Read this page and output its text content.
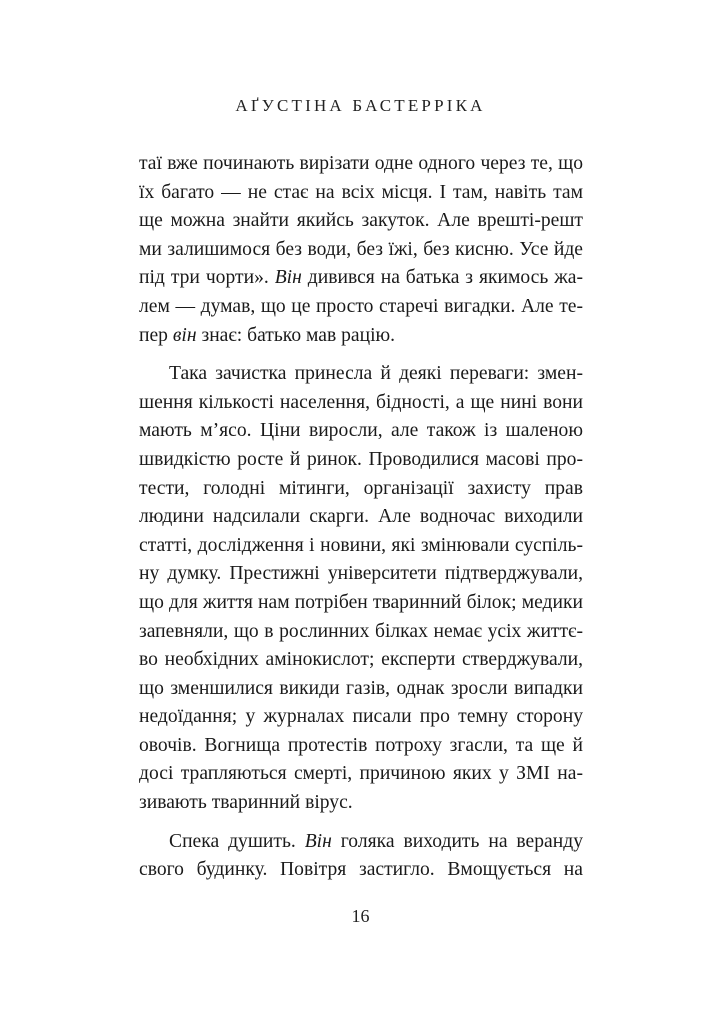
АҐУСТІНА БАСТЕРРІКА
таї вже починають вирізати одне одного через те, що
їх багато — не стає на всіх місця. І там, навіть там
ще можна знайти якийсь закуток. Але врешті-решт
ми залишимося без води, без їжі, без кисню. Усе йде
під три чорти». Він дивився на батька з якимось жа-
лем — думав, що це просто старечі вигадки. Але те-
пер він знає: батько мав рацію.
Така зачистка принесла й деякі переваги: змен-
шення кількості населення, бідності, а ще нині вони
мають м’ясо. Ціни виросли, але також із шаленою
швидкістю росте й ринок. Проводилися масові про-
тести, голодні мітинги, організації захисту прав
людини надсилали скарги. Але водночас виходили
статті, дослідження і новини, які змінювали суспіль-
ну думку. Престижні університети підтверджували,
що для життя нам потрібен тваринний білок; медики
запевняли, що в рослинних білках немає усіх життє-
во необхідних амінокислот; експерти стверджували,
що зменшилися викиди газів, однак зросли випадки
недоїдання; у журналах писали про темну сторону
овочів. Вогнища протестів потроху згасли, та ще й
досі трапляються смерті, причиною яких у ЗМІ на-
зивають тваринний вірус.
Спека душить. Він голяка виходить на веранду
свого будинку. Повітря застигло. Вмощується на
16
